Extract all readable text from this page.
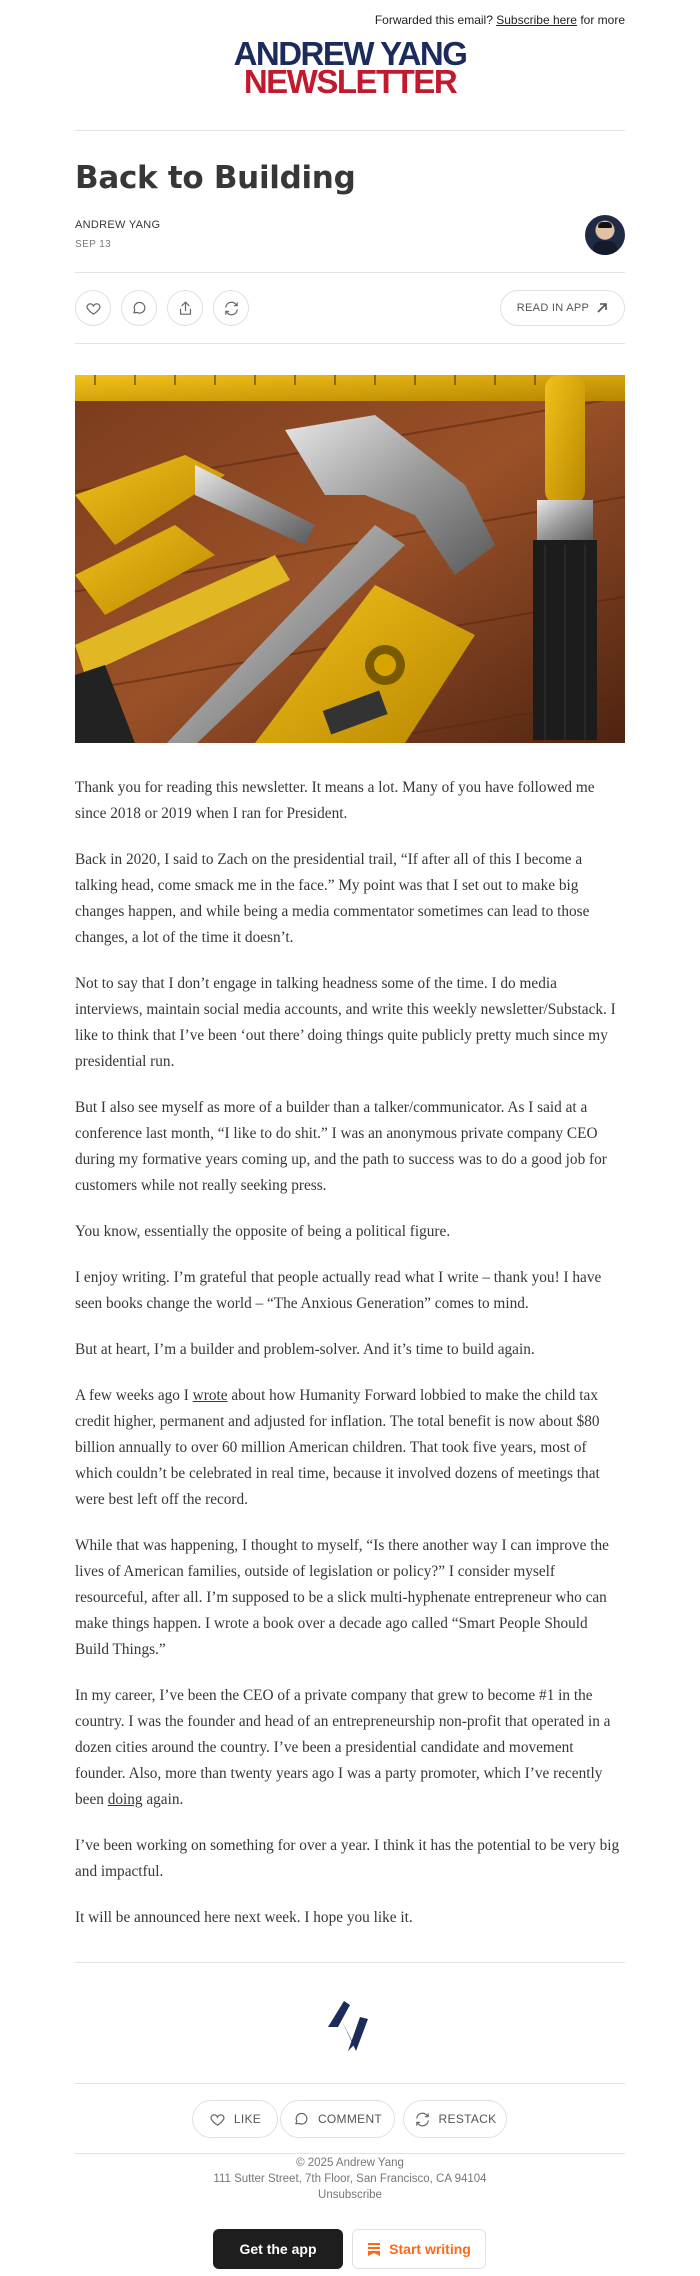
Forwarded this email? Subscribe here for more
ANDREW YANG
NEWSLETTER
Back to Building
ANDREW YANG
SEP 13
READ IN APP

Thank you for reading this newsletter. It means a lot. Many of you have followed me since 2018 or 2019 when I ran for President.

Back in 2020, I said to Zach on the presidential trail, “If after all of this I become a talking head, come smack me in the face.” My point was that I set out to make big changes happen, and while being a media commentator sometimes can lead to those changes, a lot of the time it doesn’t.

Not to say that I don’t engage in talking headness some of the time. I do media interviews, maintain social media accounts, and write this weekly newsletter/Substack. I like to think that I’ve been ‘out there’ doing things quite publicly pretty much since my presidential run.

But I also see myself as more of a builder than a talker/communicator. As I said at a conference last month, “I like to do shit.” I was an anonymous private company CEO during my formative years coming up, and the path to success was to do a good job for customers while not really seeking press.

You know, essentially the opposite of being a political figure.

I enjoy writing. I’m grateful that people actually read what I write – thank you! I have seen books change the world – “The Anxious Generation” comes to mind.

But at heart, I’m a builder and problem-solver. And it’s time to build again.

A few weeks ago I wrote about how Humanity Forward lobbied to make the child tax credit higher, permanent and adjusted for inflation. The total benefit is now about $80 billion annually to over 60 million American children. That took five years, most of which couldn’t be celebrated in real time, because it involved dozens of meetings that were best left off the record.

While that was happening, I thought to myself, “Is there another way I can improve the lives of American families, outside of legislation or policy?” I consider myself resourceful, after all. I’m supposed to be a slick multi-hyphenate entrepreneur who can make things happen. I wrote a book over a decade ago called “Smart People Should Build Things.”

In my career, I’ve been the CEO of a private company that grew to become #1 in the country. I was the founder and head of an entrepreneurship non-profit that operated in a dozen cities around the country. I’ve been a presidential candidate and movement founder. Also, more than twenty years ago I was a party promoter, which I’ve recently been doing again.

I’ve been working on something for over a year. I think it has the potential to be very big and impactful.

It will be announced here next week. I hope you like it.

LIKE	COMMENT	RESTACK
© 2025 Andrew Yang
111 Sutter Street, 7th Floor, San Francisco, CA 94104
Unsubscribe
Get the app	Start writing
